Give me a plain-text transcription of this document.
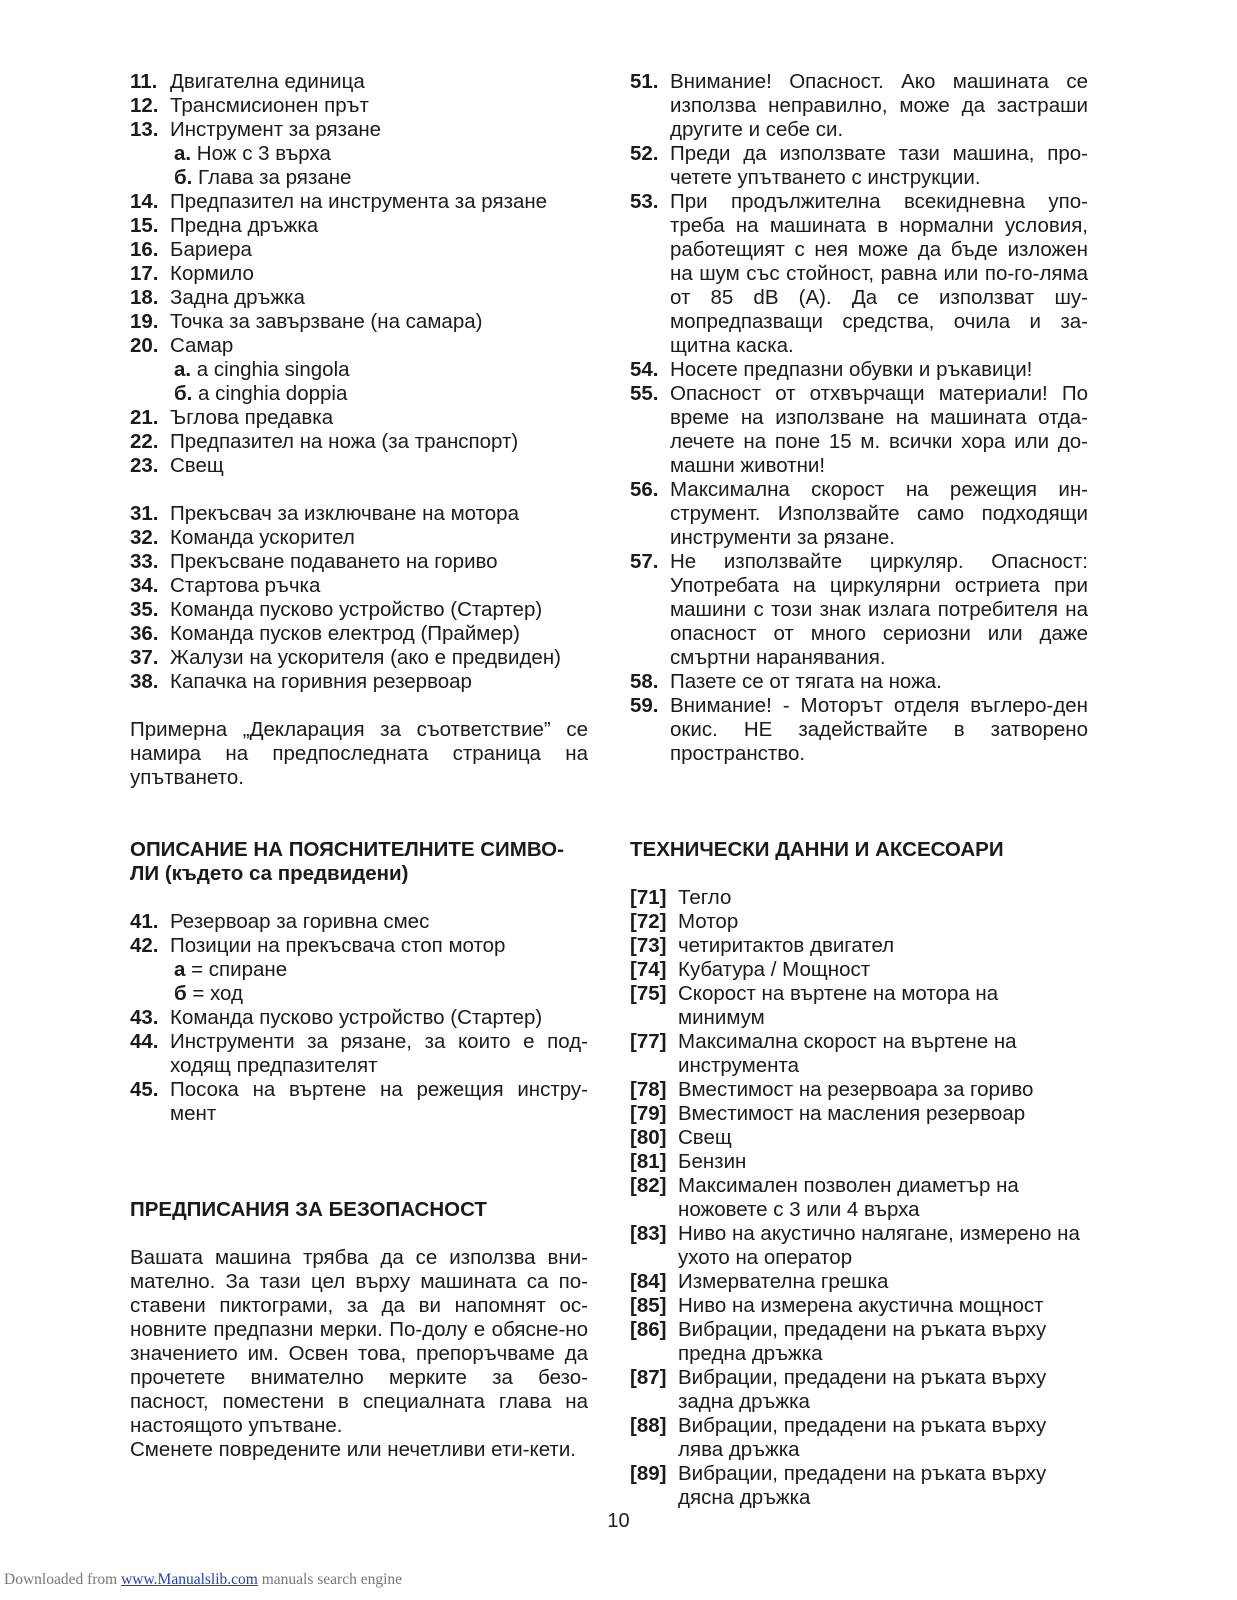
11. Двигателна единица
12. Трансмисионен прът
13. Инструмент за рязане
а. Нож с 3 върха
б. Глава за рязане
14. Предпазител на инструмента за рязане
15. Предна дръжка
16. Бариера
17. Кормило
18. Задна дръжка
19. Точка за завързване (на самара)
20. Самар
а. a cinghia singola
б. a cinghia doppia
21. Ъглова предавка
22. Предпазител на ножа (за транспорт)
23. Свещ
31. Прекъсвач за изключване на мотора
32. Команда ускорител
33. Прекъсване подаването на гориво
34. Стартова ръчка
35. Команда пусково устройство (Стартер)
36. Команда пусков електрод (Праймер)
37. Жалузи на ускорителя (ако е предвиден)
38. Капачка на горивния резервоар
Примерна „Декларация за съответствие” се намира на предпоследната страница на упътването.
ОПИСАНИЕ НА ПОЯСНИТЕЛНИТЕ СИМВО-ЛИ (където са предвидени)
41. Резервоар за горивна смес
42. Позиции на прекъсвача стоп мотор
а = спиране
б = ход
43. Команда пусково устройство (Стартер)
44. Инструменти за рязане, за които е под-ходящ предпазителят
45. Посока на въртене на режещия инстру-мент
ПРЕДПИСАНИЯ ЗА БЕЗОПАСНОСТ
Вашата машина трябва да се използва вни-мателно. За тази цел върху машината са по-ставени пиктограми, за да ви напомнят ос-новните предпазни мерки. По-долу е обясне-но значението им. Освен това, препоръчваме да прочетете внимателно мерките за безо-пасност, поместени в специалната глава на настоящото упътване.
Сменете повредените или нечетливи ети-кети.
51. Внимание! Опасност. Ако машината се използва неправилно, може да застраши другите и себе си.
52. Преди да използвате тази машина, про-четете упътването с инструкции.
53. При продължителна всекидневна упо-треба на машината в нормални условия, работещият с нея може да бъде изложен на шум със стойност, равна или по-го-ляма от 85 dB (A). Да се използват шу-мопредпазващи средства, очила и за-щитна каска.
54. Носете предпазни обувки и ръкавици!
55. Опасност от отхвърчащи материали! По време на използване на машината отда-лечете на поне 15 м. всички хора или до-машни животни!
56. Максимална скорост на режещия ин-струмент. Използвайте само подходящи инструменти за рязане.
57. Не използвайте циркуляр. Опасност: Употребата на циркулярни остриета при машини с този знак излага потребителя на опасност от много сериозни или даже смъртни наранявания.
58. Пазете се от тягата на ножа.
59. Внимание! - Моторът отделя въглеро-ден окис. НЕ задействайте в затворено пространство.
ТЕХНИЧЕСКИ ДАННИ И АКСЕСОАРИ
[71] Тегло
[72] Мотор
[73] четиритактов двигател
[74] Кубатура / Мощност
[75] Скорост на въртене на мотора на минимум
[77] Максимална скорост на въртене на инструмента
[78] Вместимост на резервоара за гориво
[79] Вместимост на масления резервоар
[80] Свещ
[81] Бензин
[82] Максимален позволен диаметър на ножовете с 3 или 4 върха
[83] Ниво на акустично налягане, измерено на ухото на оператор
[84] Измервателна грешка
[85] Ниво на измерена акустична мощност
[86] Вибрации, предадени на ръката върху предна дръжка
[87] Вибрации, предадени на ръката върху задна дръжка
[88] Вибрации, предадени на ръката върху лява дръжка
[89] Вибрации, предадени на ръката върху дясна дръжка
10
Downloaded from www.Manualslib.com manuals search engine
